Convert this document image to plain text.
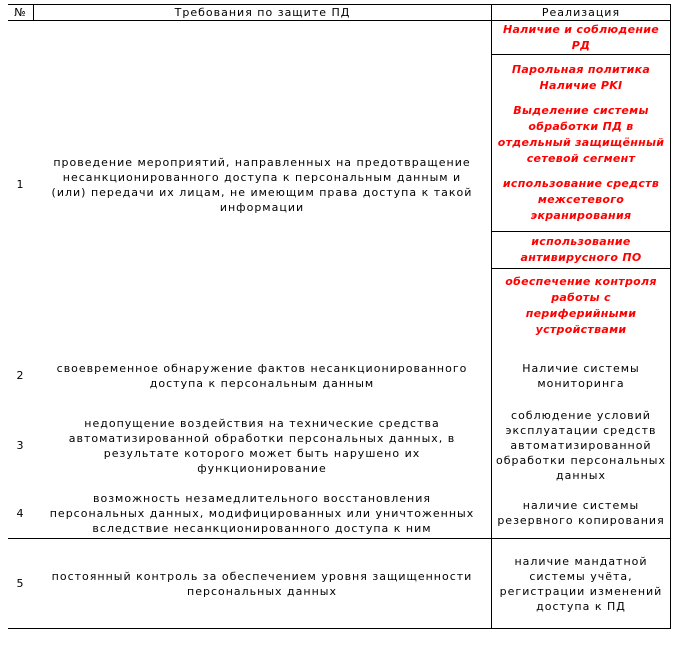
№	Требования по защите ПД	Реализация
1
проведение мероприятий, направленных на предотвращение несанкционированного доступа к персональным данным и (или) передачи их лицам, не имеющим права доступа к такой информации
Наличие и соблюдение РД
Парольная политика
Наличие PKI
Выделение системы обработки ПД в отдельный защищённый сетевой сегмент
использование средств межсетевого экранирования
использование антивирусного ПО
обеспечение контроля работы с периферийными устройствами
2
своевременное обнаружение фактов несанкционированного доступа к персональным данным
Наличие системы мониторинга
3
недопущение воздействия на технические средства автоматизированной обработки персональных данных, в результате которого может быть нарушено их функционирование
соблюдение условий эксплуатации средств автоматизированной обработки персональных данных
4
возможность незамедлительного восстановления персональных данных, модифицированных или уничтоженных вследствие несанкционированного доступа к ним
наличие системы резервного копирования
5
постоянный контроль за обеспечением уровня защищенности персональных данных
наличие мандатной системы учёта, регистрации изменений доступа к ПД
